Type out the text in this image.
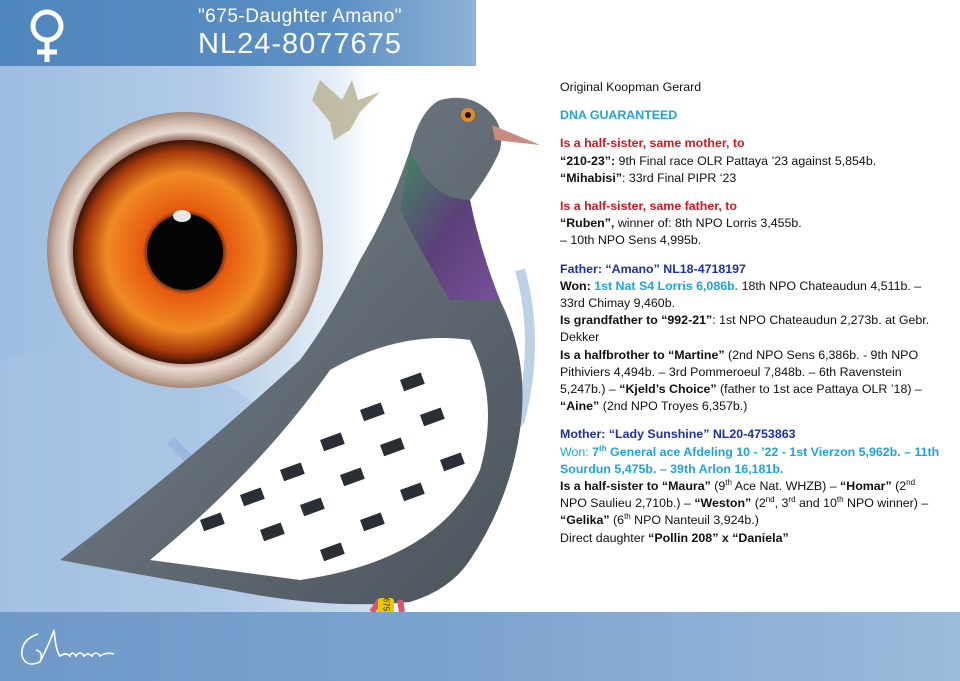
"675-Daughter Amano"
NL24-8077675

Original Koopman Gerard

DNA GUARANTEED

Is a half-sister, same mother, to
“210-23”: 9th Final race OLR Pattaya ’23 against 5,854b.
“Mihabisi”: 33rd Final PIPR ‘23

Is a half-sister, same father, to
“Ruben”, winner of: 8th NPO Lorris 3,455b.
– 10th NPO Sens 4,995b.

Father: “Amano” NL18-4718197
Won: 1st Nat S4 Lorris 6,086b. 18th NPO Chateaudun 4,511b. – 33rd Chimay 9,460b.
Is grandfather to “992-21”: 1st NPO Chateaudun 2,273b. at Gebr. Dekker
Is a halfbrother to “Martine” (2nd NPO Sens 6,386b. - 9th NPO Pithiviers 4,494b. – 3rd Pommeroeul 7,848b. – 6th Ravenstein 5,247b.) – “Kjeld’s Choice” (father to 1st ace Pattaya OLR ’18) – “Aine” (2nd NPO Troyes 6,357b.)

Mother: “Lady Sunshine” NL20-4753863
Won: 7th General ace Afdeling 10 - ’22 - 1st Vierzon 5,962b. – 11th Sourdun 5,475b. – 39th Arlon 16,181b.
Is a half-sister to “Maura” (9th Ace Nat. WHZB) – “Homar” (2nd NPO Saulieu 2,710b.) – “Weston” (2nd, 3rd and 10th NPO winner) – “Gelika” (6th NPO Nanteuil 3,924b.)
Direct daughter “Pollin 208” x “Daniela”

675
